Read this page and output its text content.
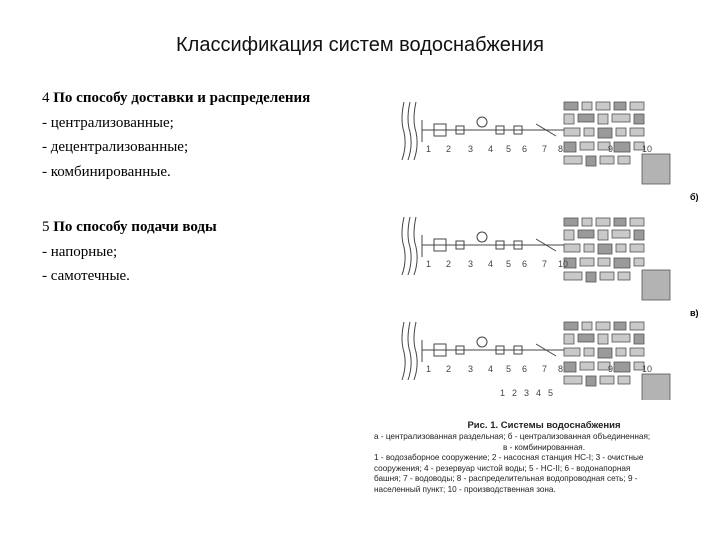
Классификация систем водоснабжения
4 По способу доставки и распределения
- централизованные;
- децентрализованные;
- комбинированные.
5 По способу подачи воды
- напорные;
- самотечные.
1 2 3 4 5 6 7 8	9	10
1 2 3 4 5 6 7 10
1 2 3 4 5 6 7 8	9	10
1 2 3 4 5
б)
в)
Рис. 1. Системы водоснабжения
а - централизованная раздельная; б - централизованная объединенная;
в - комбинированная.
1 - водозаборное сооружение; 2 - насосная станция НС-I; 3 - очистные
сооружения; 4 - резервуар чистой воды; 5 - НС-II; 6 - водонапорная
башня; 7 - водоводы; 8 - распределительная водопроводная сеть; 9 -
населенный пункт; 10 - производственная зона.
